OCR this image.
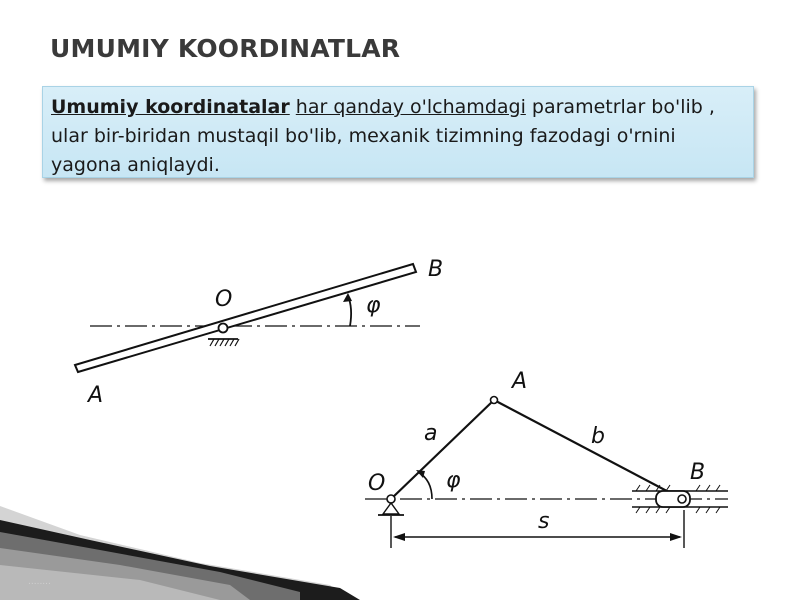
UMUMIY KOORDINATLAR
Umumiy koordinatalar har qanday o'lchamdagi parametrlar bo'lib , ular bir-biridan mustaqil bo'lib, mexanik tizimning fazodagi o'rnini yagona aniqlaydi.
A
B
O	φ
O
A
B
a	b
φ
s
........
